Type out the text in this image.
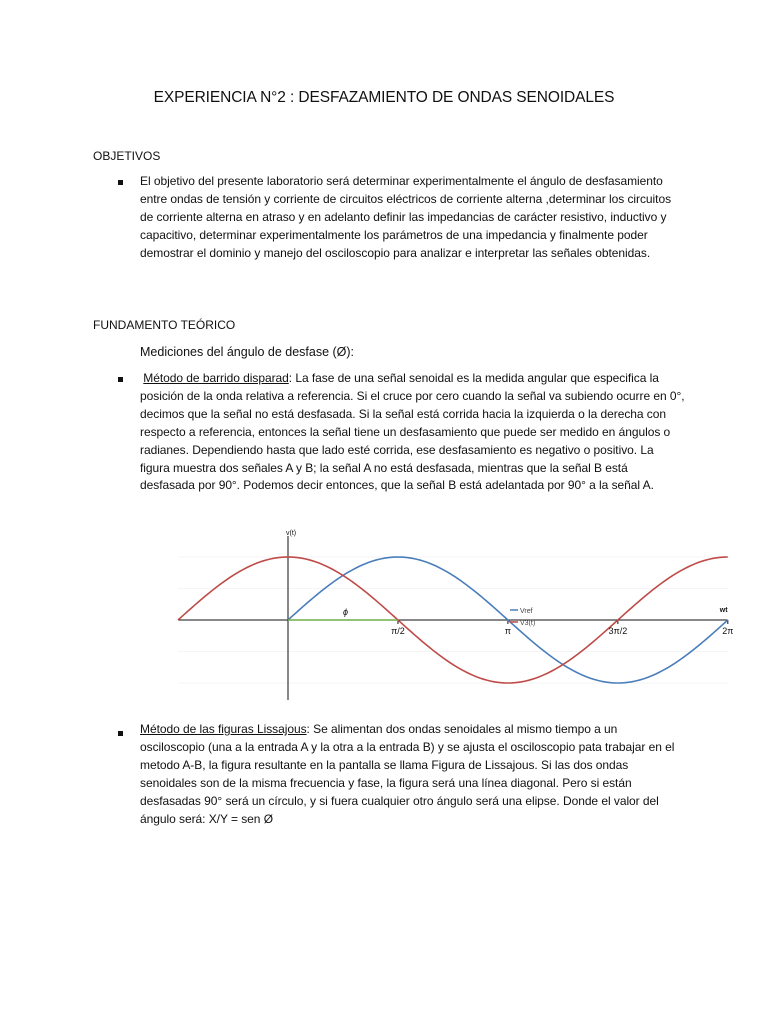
EXPERIENCIA N°2 : DESFAZAMIENTO DE ONDAS SENOIDALES
OBJETIVOS
El objetivo del presente laboratorio será determinar experimentalmente el ángulo de desfasamiento entre ondas de tensión y corriente de circuitos eléctricos de corriente alterna ,determinar los circuitos de corriente alterna en atraso y en adelanto definir las impedancias de carácter resistivo, inductivo y capacitivo, determinar experimentalmente los parámetros de una impedancia y finalmente poder demostrar el dominio y manejo del osciloscopio para analizar e interpretar las señales obtenidas.
FUNDAMENTO TEÓRICO
Mediciones del ángulo de desfase (Ø):
Método de barrido disparad: La fase de una señal senoidal es la medida angular que especifica la posición de la onda relativa a referencia. Si el cruce por cero cuando la señal va subiendo ocurre en 0°, decimos que la señal no está desfasada. Si la señal está corrida hacia la izquierda o la derecha con respecto a referencia, entonces la señal tiene un desfasamiento que puede ser medido en ángulos o radianes. Dependiendo hasta que lado esté corrida, ese desfasamiento es negativo o positivo. La figura muestra dos señales A y B; la señal A no está desfasada, mientras que la señal B está desfasada por 90°. Podemos decir entonces, que la señal B está adelantada por 90° a la señal A.
ϕ
v(t)
wt
π/2	π	3π/2	2π
Vref
V3(t)
Método de las figuras Lissajous: Se alimentan dos ondas senoidales al mismo tiempo a un osciloscopio (una a la entrada A y la otra a la entrada B) y se ajusta el osciloscopio pata trabajar en el metodo A-B, la figura resultante en la pantalla se llama Figura de Lissajous. Si las dos ondas senoidales son de la misma frecuencia y fase, la figura será una línea diagonal. Pero si están desfasadas 90° será un círculo, y si fuera cualquier otro ángulo será una elipse. Donde el valor del ángulo será: X/Y = sen Ø
